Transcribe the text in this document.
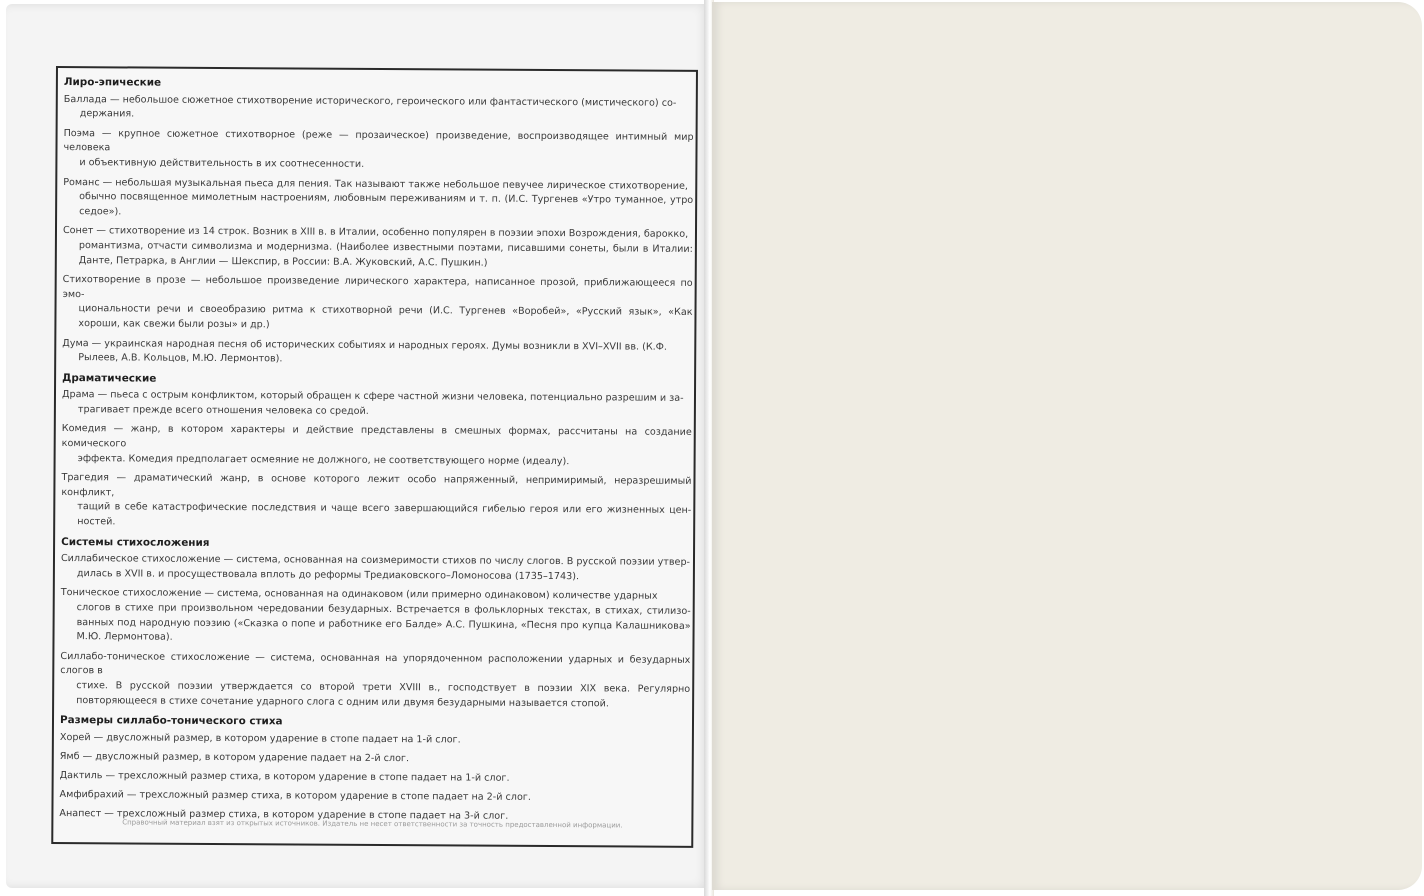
Лиро-эпические
Баллада — небольшое сюжетное стихотворение исторического, героического или фантастического (мистического) со-
держания.
Поэма — крупное сюжетное стихотворное (реже — прозаическое) произведение, воспроизводящее интимный мир человека
и объективную действительность в их соотнесенности.
Романс — небольшая музыкальная пьеса для пения. Так называют также небольшое певучее лирическое стихотворение,
обычно посвященное мимолетным настроениям, любовным переживаниям и т. п. (И.С. Тургенев «Утро туманное, утро седое»).
Сонет — стихотворение из 14 строк. Возник в XIII в. в Италии, особенно популярен в поэзии эпохи Возрождения, барокко,
романтизма, отчасти символизма и модернизма. (Наиболее известными поэтами, писавшими сонеты, были в Италии: Данте, Петрарка, в Англии — Шекспир, в России: В.А. Жуковский, А.С. Пушкин.)
Стихотворение в прозе — небольшое произведение лирического характера, написанное прозой, приближающееся по эмо-
циональности речи и своеобразию ритма к стихотворной речи (И.С. Тургенев «Воробей», «Русский язык», «Как хороши, как свежи были розы» и др.)
Дума — украинская народная песня об исторических событиях и народных героях. Думы возникли в XVI–XVII вв. (К.Ф.
Рылеев, А.В. Кольцов, М.Ю. Лермонтов).
Драматические
Драма — пьеса с острым конфликтом, который обращен к сфере частной жизни человека, потенциально разрешим и за-
трагивает прежде всего отношения человека со средой.
Комедия — жанр, в котором характеры и действие представлены в смешных формах, рассчитаны на создание комического
эффекта. Комедия предполагает осмеяние не должного, не соответствующего норме (идеалу).
Трагедия — драматический жанр, в основе которого лежит особо напряженный, непримиримый, неразрешимый конфликт,
тащий в себе катастрофические последствия и чаще всего завершающийся гибелью героя или его жизненных цен- ностей.
Системы стихосложения
Силлабическое стихосложение — система, основанная на соизмеримости стихов по числу слогов. В русской поэзии утвер-
дилась в XVII в. и просуществовала вплоть до реформы Тредиаковского–Ломоносова (1735–1743).
Тоническое стихосложение — система, основанная на одинаковом (или примерно одинаковом) количестве ударных
слогов в стихе при произвольном чередовании безударных. Встречается в фольклорных текстах, в стихах, стилизо- ванных под народную поэзию («Сказка о попе и работнике его Балде» А.С. Пушкина, «Песня про купца Калашникова» М.Ю. Лермонтова).
Силлабо-тоническое стихосложение — система, основанная на упорядоченном расположении ударных и безударных слогов в
стихе. В русской поэзии утверждается со второй трети XVIII в., господствует в поэзии XIX века. Регулярно повторяющееся в стихе сочетание ударного слога с одним или двумя безударными называется стопой.
Размеры силлабо-тонического стиха
Хорей — двусложный размер, в котором ударение в стопе падает на 1-й слог.
Ямб — двусложный размер, в котором ударение падает на 2-й слог.
Дактиль — трехсложный размер стиха, в котором ударение в стопе падает на 1-й слог.
Амфибрахий — трехсложный размер стиха, в котором ударение в стопе падает на 2-й слог.
Анапест — трехсложный размер стиха, в котором ударение в стопе падает на 3-й слог.
Справочный материал взят из открытых источников. Издатель не несет ответственности за точность предоставленной информации.
